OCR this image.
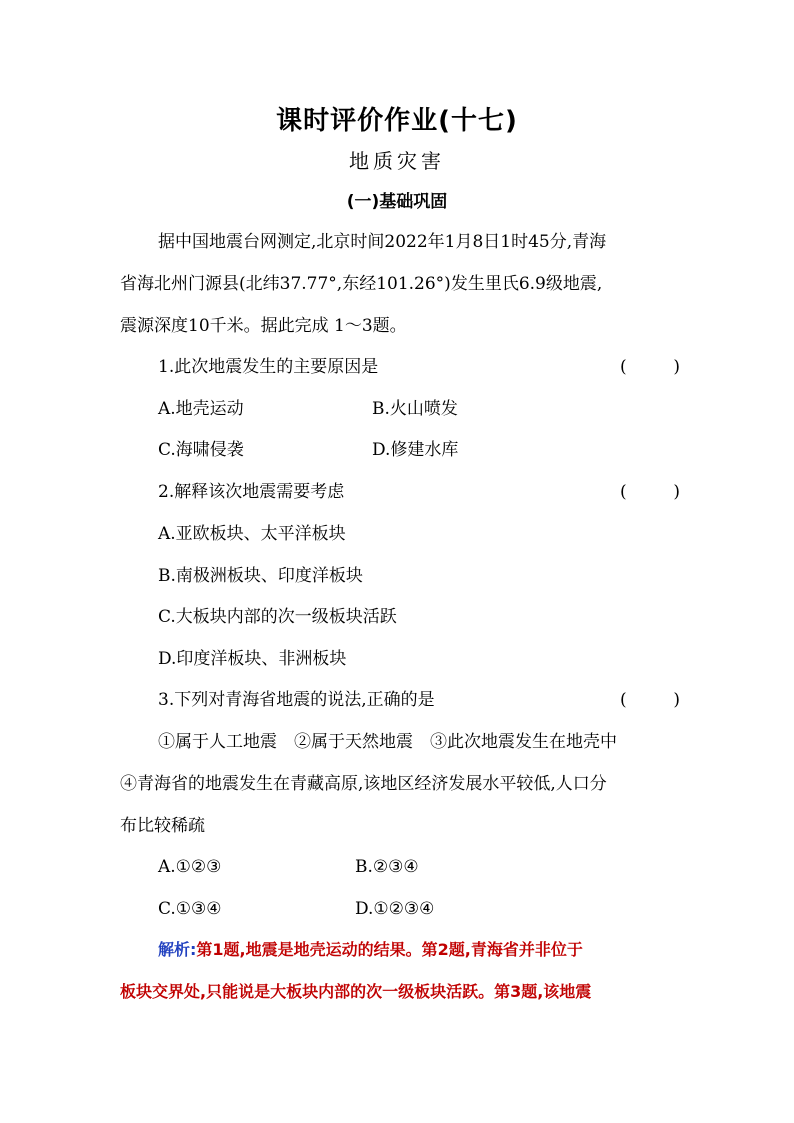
课时评价作业(十七)
地质灾害
(一)基础巩固
据中国地震台网测定,北京时间2022年1月8日1时45分,青海
省海北州门源县(北纬37.77°,东经101.26°)发生里氏6.9级地震,
震源深度10千米。据此完成 1～3题。
1.此次地震发生的主要原因是	(	)
A.地壳运动	B.火山喷发
C.海啸侵袭	D.修建水库
2.解释该次地震需要考虑	(	)
A.亚欧板块、太平洋板块
B.南极洲板块、印度洋板块
C.大板块内部的次一级板块活跃
D.印度洋板块、非洲板块
3.下列对青海省地震的说法,正确的是	(	)
①属于人工地震　②属于天然地震　③此次地震发生在地壳中
④青海省的地震发生在青藏高原,该地区经济发展水平较低,人口分
布比较稀疏
A.①②③	B.②③④
C.①③④	D.①②③④
解析:第1题,地震是地壳运动的结果。第2题,青海省并非位于
板块交界处,只能说是大板块内部的次一级板块活跃。第3题,该地震
